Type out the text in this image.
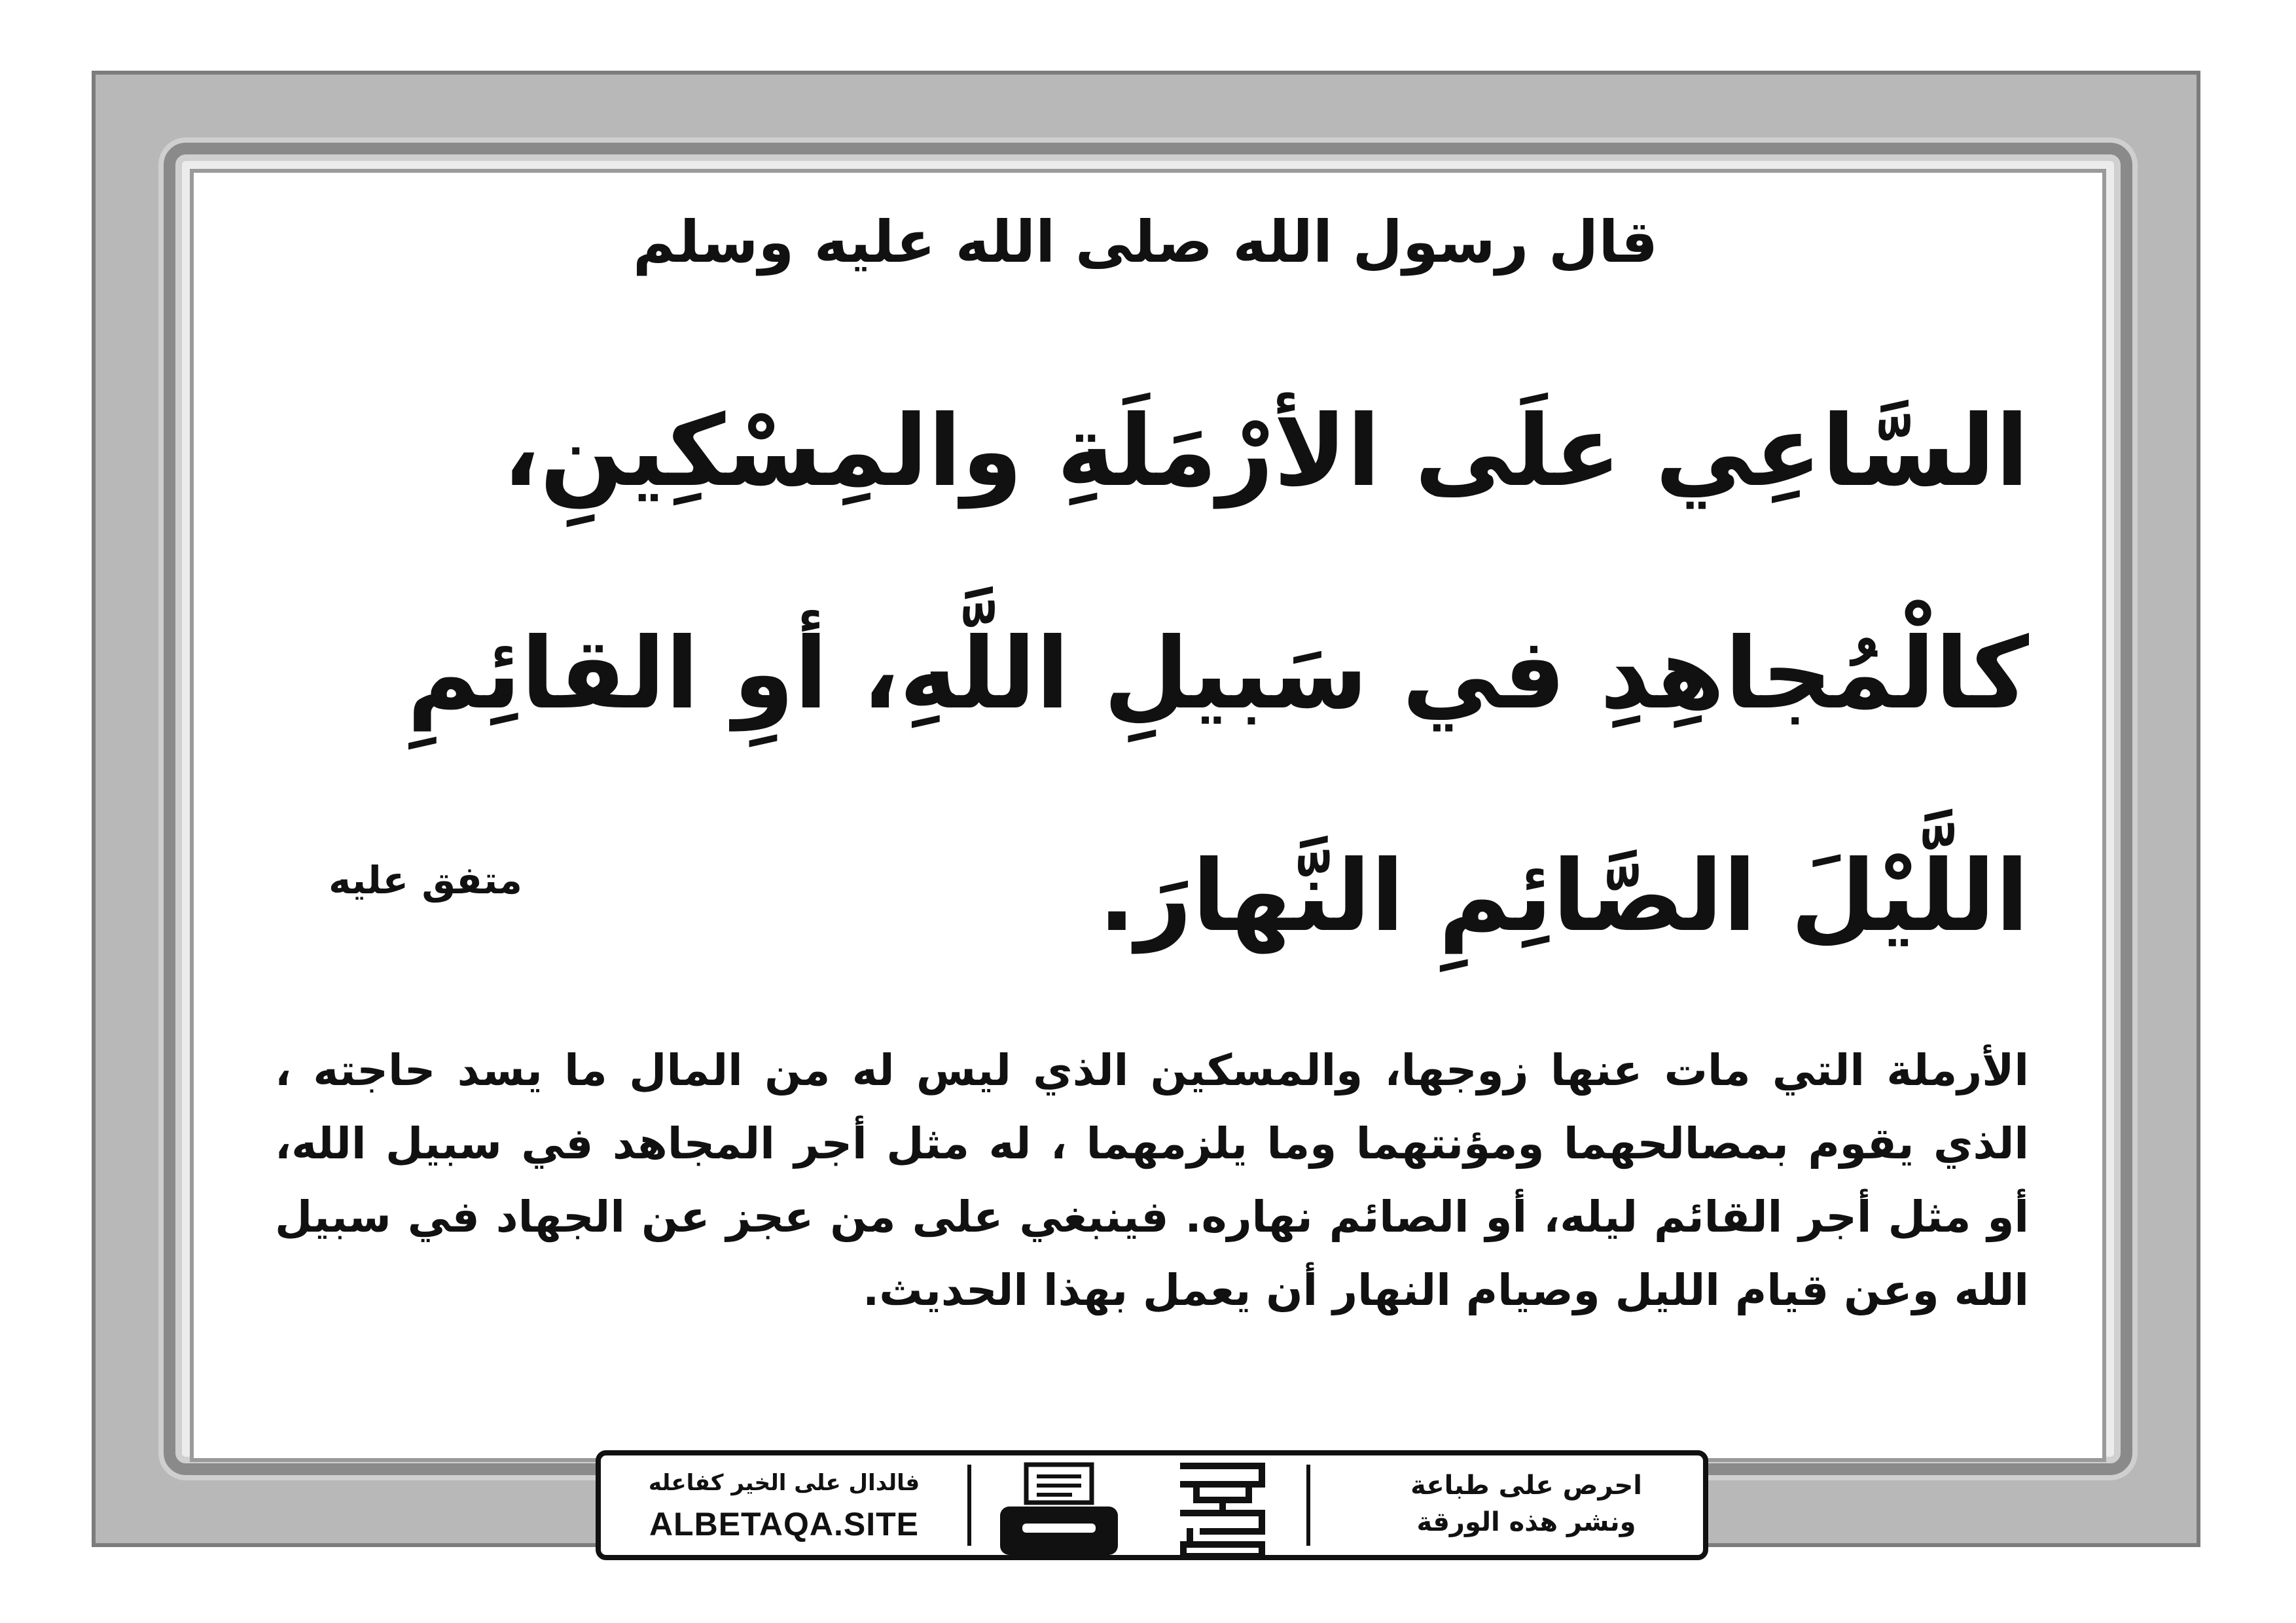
قال رسول الله صلى الله عليه وسلم
السَّاعِي علَى الأرْمَلَةِ والمِسْكِينِ،
كالْمُجاهِدِ في سَبيلِ اللَّهِ، أوِ القائِمِ
اللَّيْلَ الصَّائِمِ النَّهارَ.
متفق عليه
الأرملة التي مات عنها زوجها، والمسكين الذي ليس له من المال ما يسد حاجته ، الذي يقوم بمصالحهما ومؤنتهما وما يلزمهما ، له مثل أجر المجاهد في سبيل الله، أو مثل أجر القائم ليله، أو الصائم نهاره. فينبغي على من عجز عن الجهاد في سبيل الله وعن قيام الليل وصيام النهار أن يعمل بهذا الحديث.
احرص على طباعة
ونشر هذه الورقة
فالدال على الخير كفاعله
ALBETAQA.SITE
